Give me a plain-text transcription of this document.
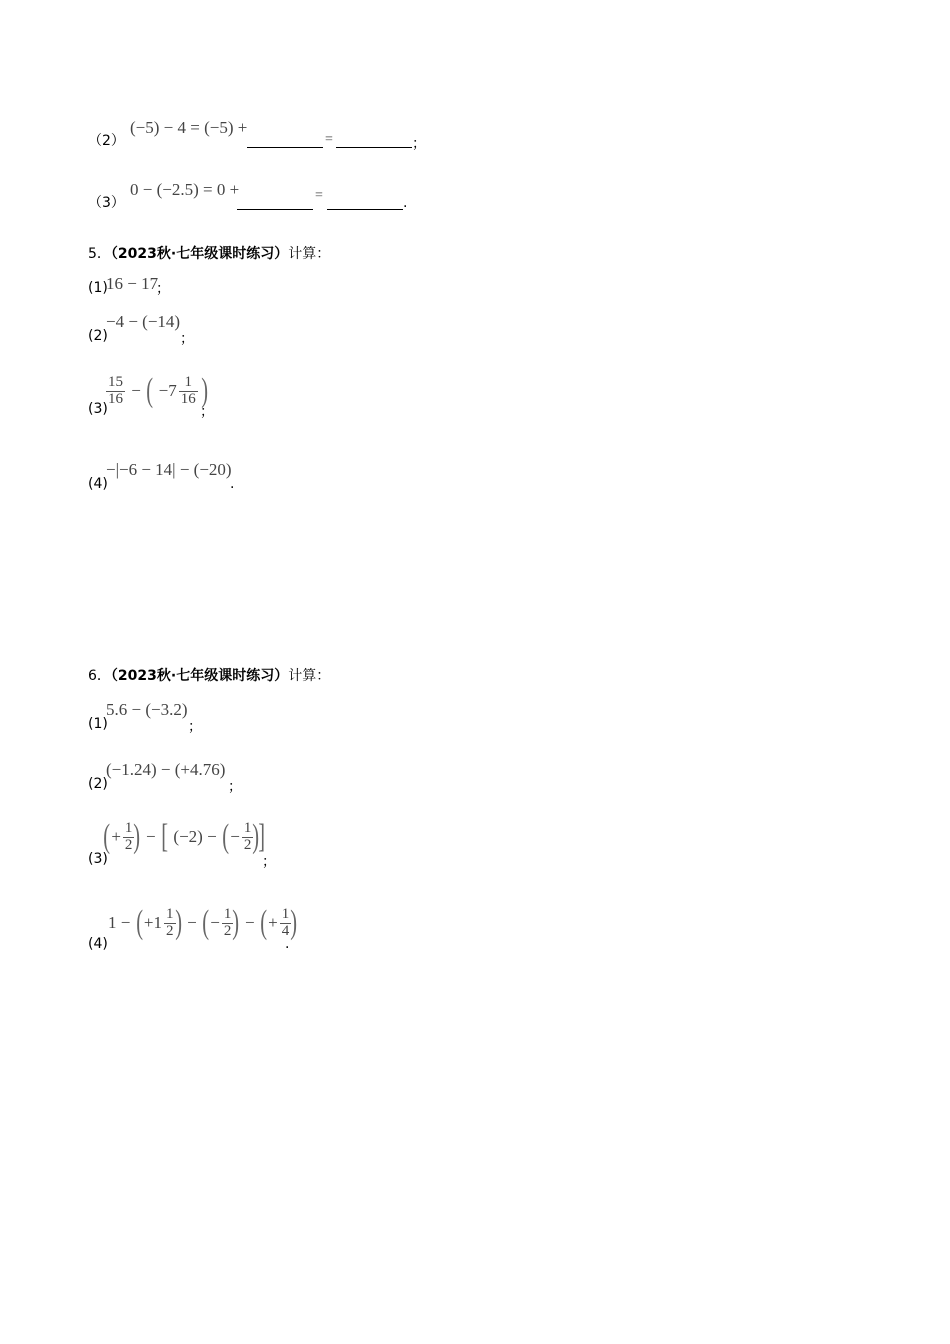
（2）
(−5) − 4 = (−5) +
=	；
（3）
0 − (−2.5) = 0 +	=	.
5．（2023秋·七年级课时练习）计算：
(1)
16 − 17
；
(2)
−4 − (−14)
；
(3)
$\frac{15}{16}$ − ( $-7 \frac{1}{16}$ )
；
(4)
−|−6 − 14| − (−20)
.
6．（2023秋·七年级课时练习）计算：
(1)
5.6 − (−3.2)
；
(2)
(−1.24) − (+4.76)
；
(3)
(+ $\frac{1}{2}$ ) − [ (−2) − (− $\frac{1}{2}$ )]
；
(4)
$1 - (+1 \frac{1}{2}$ ) − (− $\frac{1}{2}$ ) − (+ $\frac{1}{4}$ )
.
